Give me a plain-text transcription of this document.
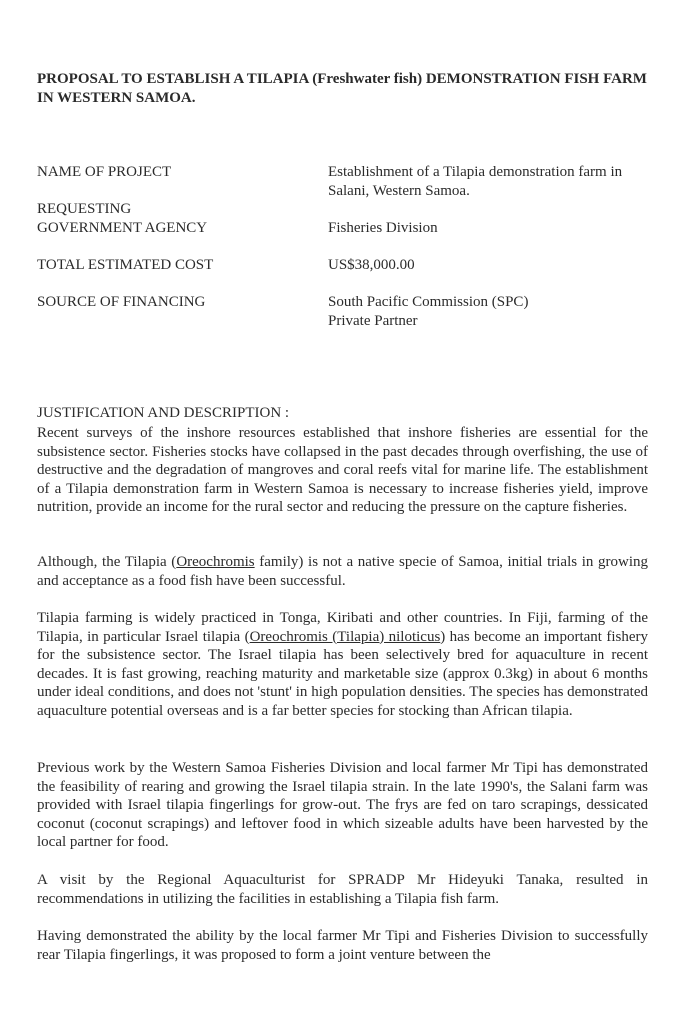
PROPOSAL TO ESTABLISH A TILAPIA (Freshwater fish) DEMONSTRATION FISH FARM IN WESTERN SAMOA.
NAME OF PROJECT	Establishment of a Tilapia demonstration farm in Salani, Western Samoa.
REQUESTING GOVERNMENT AGENCY	Fisheries Division
TOTAL ESTIMATED COST	US$38,000.00
SOURCE OF FINANCING	South Pacific Commission (SPC)
Private Partner
JUSTIFICATION AND DESCRIPTION :

Recent surveys of the inshore resources established that inshore fisheries are essential for the subsistence sector. Fisheries stocks have collapsed in the past decades through overfishing, the use of destructive and the degradation of mangroves and coral reefs vital for marine life. The establishment of a Tilapia demonstration farm in Western Samoa is necessary to increase fisheries yield, improve nutrition, provide an income for the rural sector and reducing the pressure on the capture fisheries.

Although, the Tilapia (Oreochromis family) is not a native specie of Samoa, initial trials in growing and acceptance as a food fish have been successful.

Tilapia farming is widely practiced in Tonga, Kiribati and other countries. In Fiji, farming of the Tilapia, in particular Israel tilapia (Oreochromis (Tilapia) niloticus) has become an important fishery for the subsistence sector. The Israel tilapia has been selectively bred for aquaculture in recent decades. It is fast growing, reaching maturity and marketable size (approx 0.3kg) in about 6 months under ideal conditions, and does not 'stunt' in high population densities. The species has demonstrated aquaculture potential overseas and is a far better species for stocking than African tilapia.

Previous work by the Western Samoa Fisheries Division and local farmer Mr Tipi has demonstrated the feasibility of rearing and growing the Israel tilapia strain. In the late 1990's, the Salani farm was provided with Israel tilapia fingerlings for grow-out. The frys are fed on taro scrapings, dessicated coconut (coconut scrapings) and leftover food in which sizeable adults have been harvested by the local partner for food.

A visit by the Regional Aquaculturist for SPRADP Mr Hideyuki Tanaka, resulted in recommendations in utilizing the facilities in establishing a Tilapia fish farm.

Having demonstrated the ability by the local farmer Mr Tipi and Fisheries Division to successfully rear Tilapia fingerlings, it was proposed to form a joint venture between the
